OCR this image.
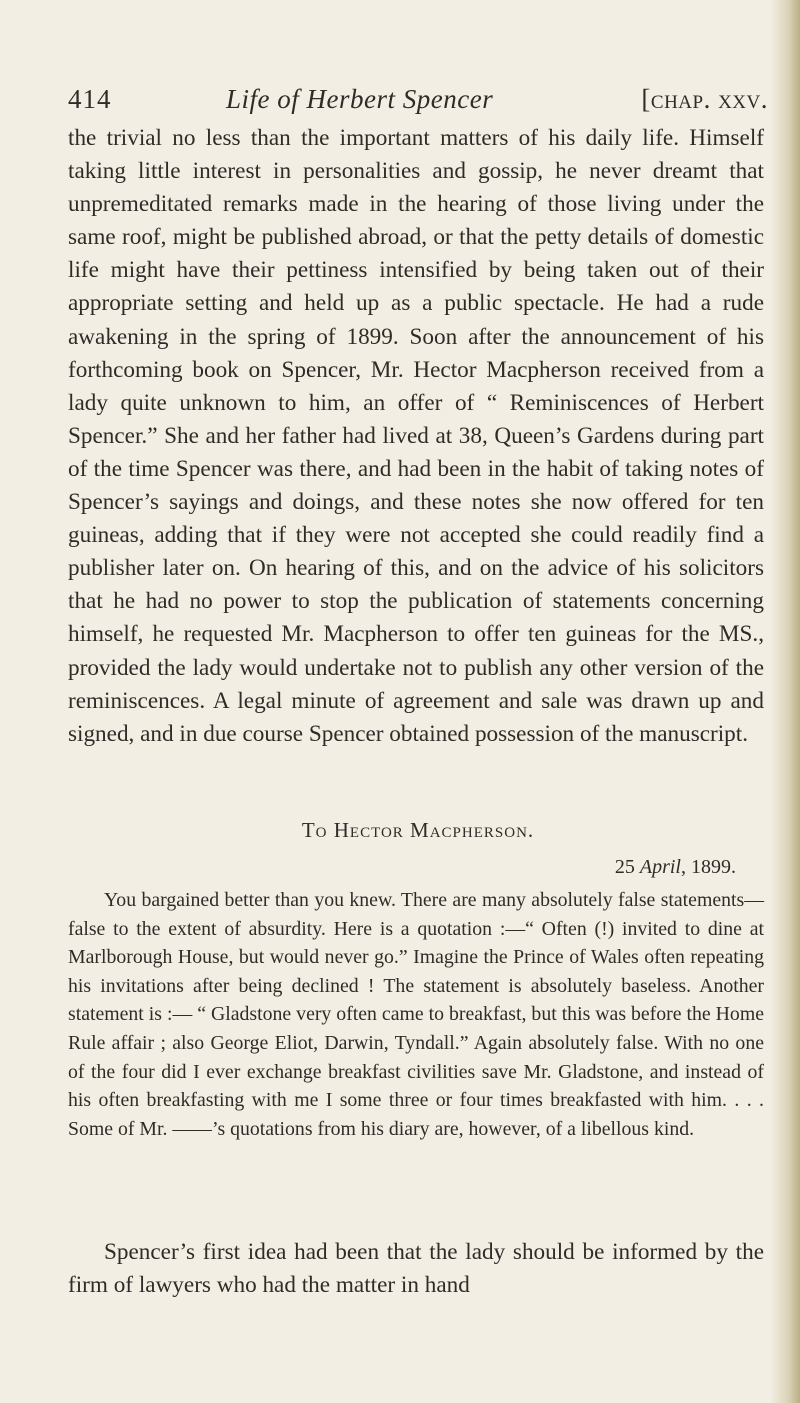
414	Life of Herbert Spencer	[chap. xxv.

the trivial no less than the important matters of his daily life. Himself taking little interest in personalities and gossip, he never dreamt that unpremeditated remarks made in the hearing of those living under the same roof, might be published abroad, or that the petty details of domestic life might have their pettiness intensified by being taken out of their appropriate setting and held up as a public spectacle. He had a rude awakening in the spring of 1899. Soon after the announcement of his forthcoming book on Spencer, Mr. Hector Macpherson received from a lady quite unknown to him, an offer of “ Reminiscences of Herbert Spencer.” She and her father had lived at 38, Queen’s Gardens during part of the time Spencer was there, and had been in the habit of taking notes of Spencer’s sayings and doings, and these notes she now offered for ten guineas, adding that if they were not accepted she could readily find a publisher later on. On hearing of this, and on the advice of his solicitors that he had no power to stop the publication of statements concerning himself, he requested Mr. Macpherson to offer ten guineas for the MS., provided the lady would undertake not to publish any other version of the reminiscences. A legal minute of agreement and sale was drawn up and signed, and in due course Spencer obtained possession of the manuscript.

To Hector Macpherson.
25 April, 1899.

You bargained better than you knew. There are many absolutely false statements—false to the extent of absurdity. Here is a quotation :—“ Often (!) invited to dine at Marlborough House, but would never go.” Imagine the Prince of Wales often repeating his invitations after being declined ! The statement is absolutely baseless. Another statement is :— “ Gladstone very often came to breakfast, but this was before the Home Rule affair ; also George Eliot, Darwin, Tyndall.” Again absolutely false. With no one of the four did I ever exchange breakfast civilities save Mr. Gladstone, and instead of his often breakfasting with me I some three or four times breakfasted with him. . . . Some of Mr. ——’s quotations from his diary are, however, of a libellous kind.

Spencer’s first idea had been that the lady should be informed by the firm of lawyers who had the matter in hand
